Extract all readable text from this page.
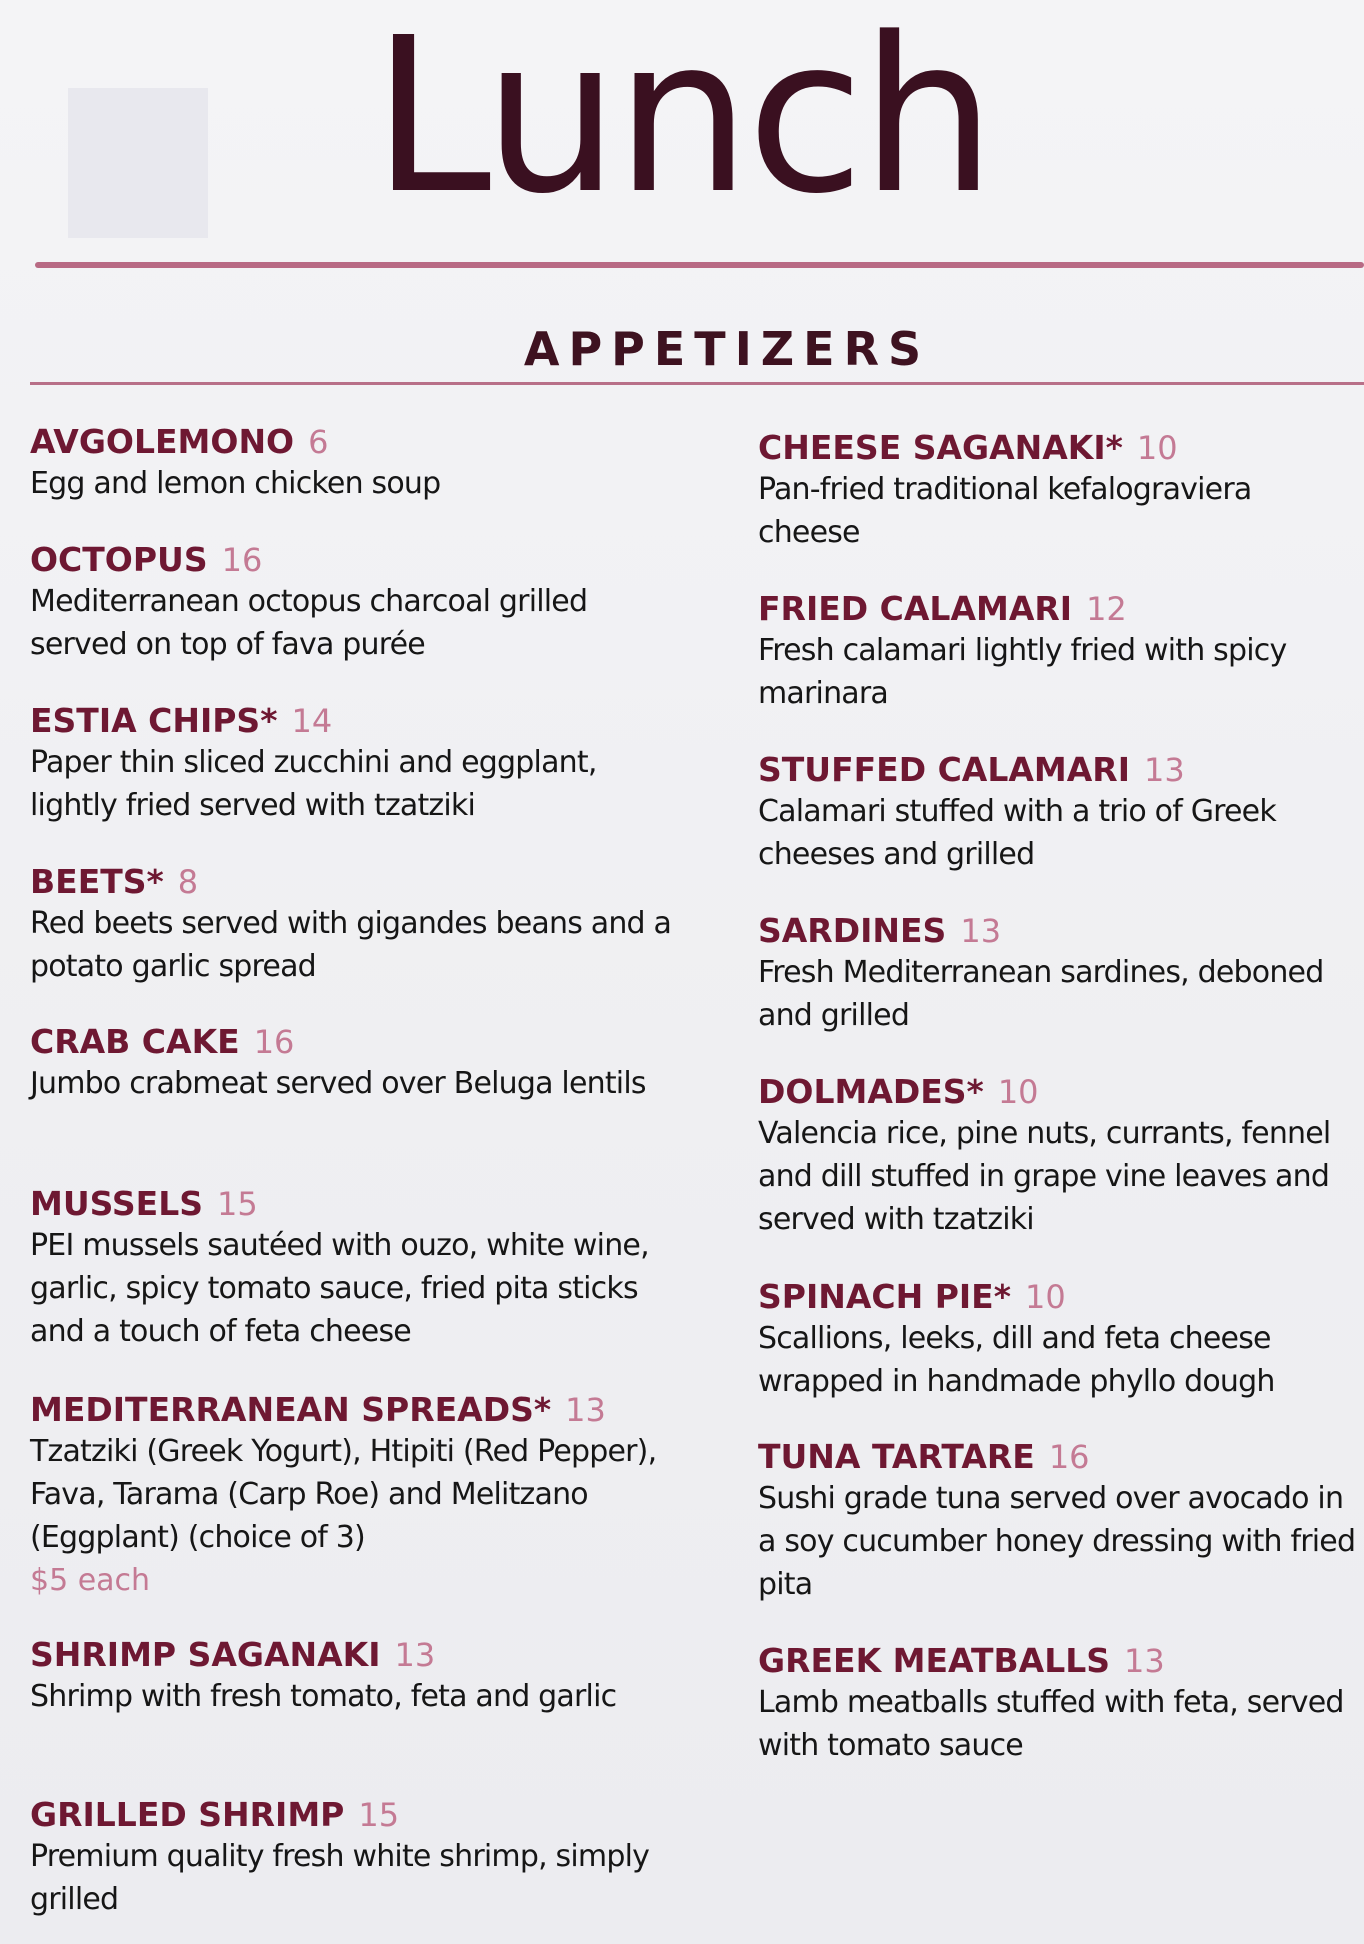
Lunch
APPETIZERS
AVGOLEMONO 6
Egg and lemon chicken soup
OCTOPUS 16
Mediterranean octopus charcoal grilled served on top of fava purée
ESTIA CHIPS* 14
Paper thin sliced zucchini and eggplant, lightly fried served with tzatziki
BEETS* 8
Red beets served with gigandes beans and a potato garlic spread
CRAB CAKE 16
Jumbo crabmeat served over Beluga lentils
MUSSELS 15
PEI mussels sautéed with ouzo, white wine, garlic, spicy tomato sauce, fried pita sticks and a touch of feta cheese
MEDITERRANEAN SPREADS* 13
Tzatziki (Greek Yogurt), Htipiti (Red Pepper), Fava, Tarama (Carp Roe) and Melitzano (Eggplant) (choice of 3)
$5 each
SHRIMP SAGANAKI 13
Shrimp with fresh tomato, feta and garlic
GRILLED SHRIMP 15
Premium quality fresh white shrimp, simply grilled
CHEESE SAGANAKI* 10
Pan-fried traditional kefalograviera cheese
FRIED CALAMARI 12
Fresh calamari lightly fried with spicy marinara
STUFFED CALAMARI 13
Calamari stuffed with a trio of Greek cheeses and grilled
SARDINES 13
Fresh Mediterranean sardines, deboned and grilled
DOLMADES* 10
Valencia rice, pine nuts, currants, fennel and dill stuffed in grape vine leaves and served with tzatziki
SPINACH PIE* 10
Scallions, leeks, dill and feta cheese wrapped in handmade phyllo dough
TUNA TARTARE 16
Sushi grade tuna served over avocado in a soy cucumber honey dressing with fried pita
GREEK MEATBALLS 13
Lamb meatballs stuffed with feta, served with tomato sauce
